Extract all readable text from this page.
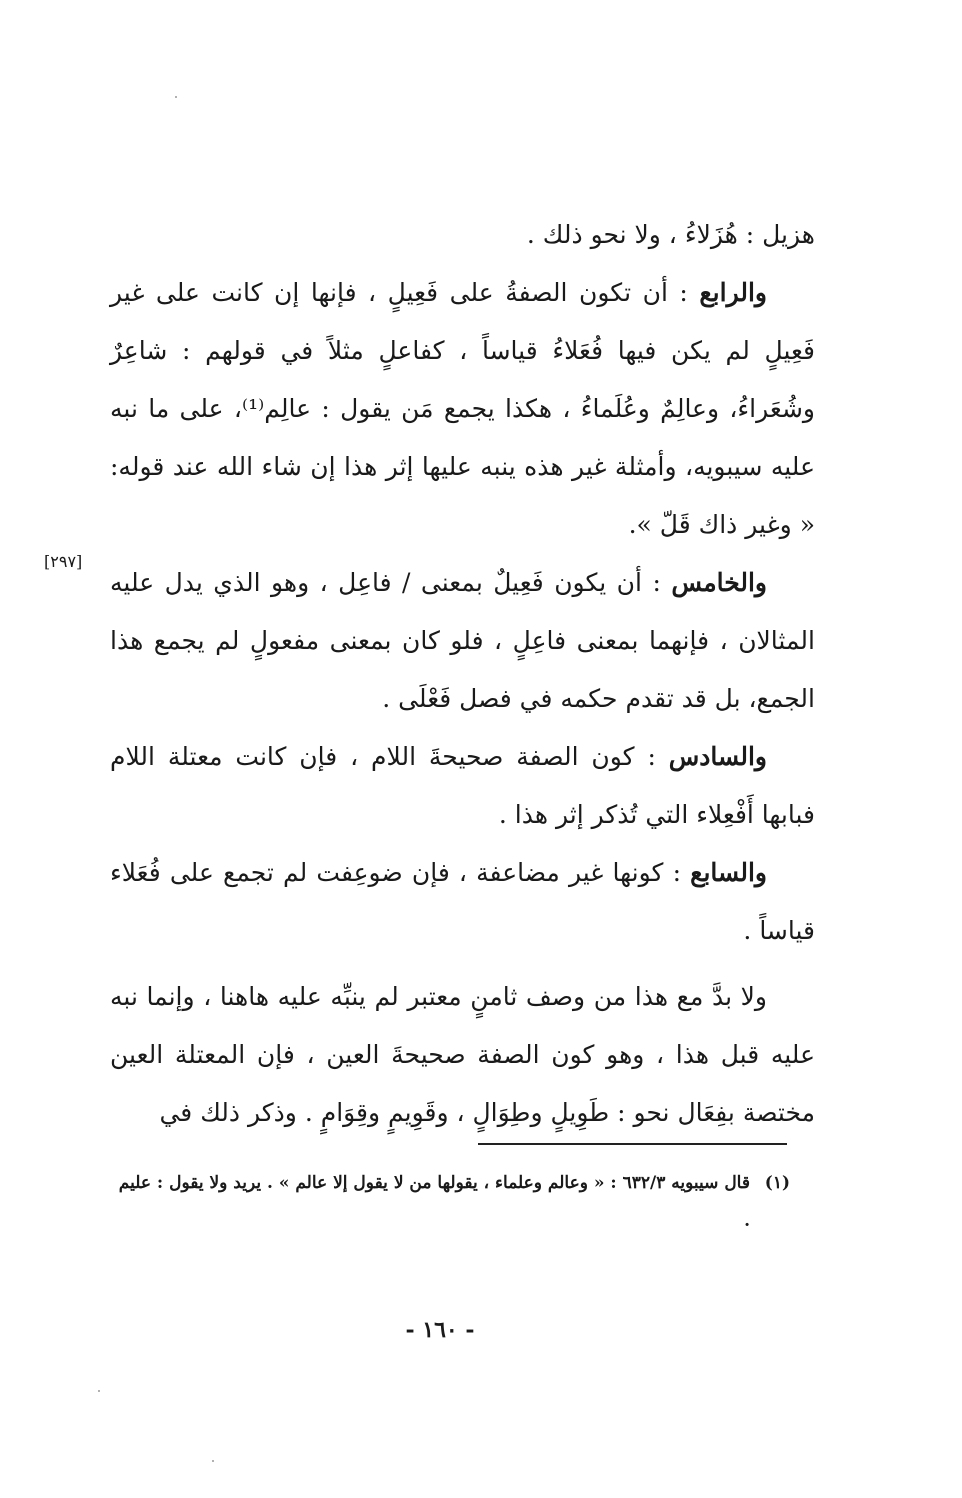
هزيل : هُزَلاءُ ، ولا نحو ذلك .

والرابع : أن تكون الصفةُ على فَعِيلٍ ، فإنها إن كانت على غير فَعِيلٍ لم يكن فيها فُعَلاءُ قياساً ، كفاعلٍ مثلاً في قولهم : شاعِرٌ وشُعَراءُ، وعالِمٌ وعُلَماءُ ، هكذا يجمع مَن يقول : عالِم⁽¹⁾، على ما نبه عليه سيبويه، وأمثلة غير هذه ينبه عليها إثر هذا إن شاء الله عند قوله: « وغير ذاك قَلّ ».

والخامس : أن يكون فَعِيلٌ بمعنى / فاعِل ، وهو الذي يدل عليه المثالان ، فإنهما بمعنى فاعِلٍ ، فلو كان بمعنى مفعولٍ لم يجمع هذا الجمع، بل قد تقدم حكمه في فصل فَعْلَى .

والسادس : كون الصفة صحيحةَ اللام ، فإن كانت معتلة اللام فبابها أَفْعِلاء التي تُذكر إثر هذا .

والسابع : كونها غير مضاعفة ، فإن ضوعِفت لم تجمع على فُعَلاء قياساً .

ولا بدَّ مع هذا من وصف ثامنٍ معتبر لم ينبِّه عليه هاهنا ، وإنما نبه عليه قبل هذا ، وهو كون الصفة صحيحةَ العين ، فإن المعتلة العين مختصة بفِعَال نحو : طَوِيلٍ وطِوَالٍ ، وقَوِيمٍ وقِوَامٍ . وذكر ذلك في

[٢٩٧]
(١)
قال سيبويه ٦٣٢/٣ : « وعالم وعلماء ، يقولها من لا يقول إلا عالم » . يريد ولا يقول : عليم .
- ١٦٠ -
